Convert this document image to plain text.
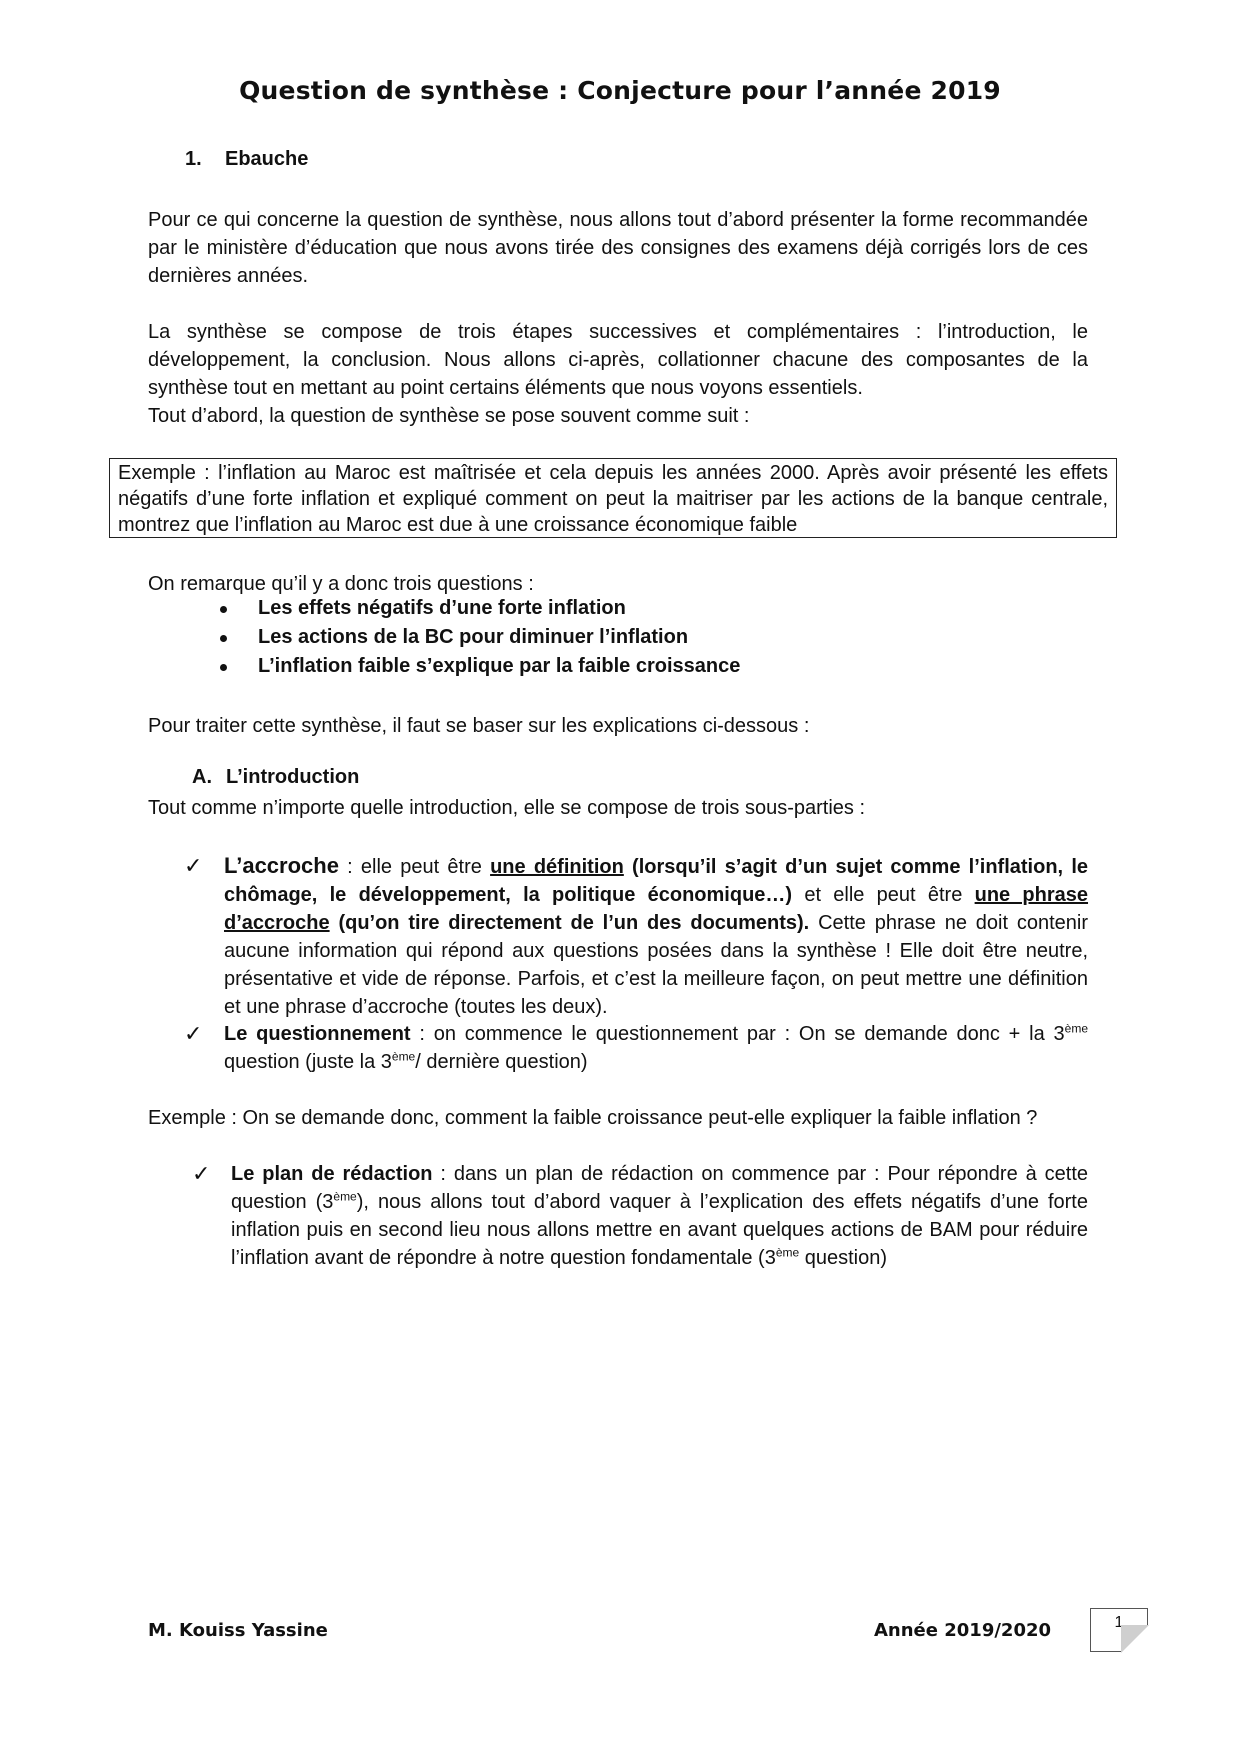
Question de synthèse : Conjecture pour l’année 2019
1. Ebauche
Pour ce qui concerne la question de synthèse, nous allons tout d’abord présenter la forme recommandée par le ministère d’éducation que nous avons tirée des consignes des examens déjà corrigés lors de ces dernières années.
La synthèse se compose de trois étapes successives et complémentaires : l’introduction, le développement, la conclusion. Nous allons ci-après, collationner chacune des composantes de la synthèse tout en mettant au point certains éléments que nous voyons essentiels.
Tout d’abord, la question de synthèse se pose souvent comme suit :

Exemple : l’inflation au Maroc est maîtrisée et cela depuis les années 2000. Après avoir présenté les effets négatifs d’une forte inflation et expliqué comment on peut la maitriser par les actions de la banque centrale, montrez que l’inflation au Maroc est due à une croissance économique faible

On remarque qu’il y a donc trois questions :
Les effets négatifs d’une forte inflation
Les actions de la BC pour diminuer l’inflation
L’inflation faible s’explique par la faible croissance
Pour traiter cette synthèse, il faut se baser sur les explications ci-dessous :
A. L’introduction
Tout comme n’importe quelle introduction, elle se compose de trois sous-parties :
✓ L’accroche : elle peut être une définition (lorsqu’il s’agit d’un sujet comme l’inflation, le chômage, le développement, la politique économique…) et elle peut être une phrase d’accroche (qu’on tire directement de l’un des documents). Cette phrase ne doit contenir aucune information qui répond aux questions posées dans la synthèse ! Elle doit être neutre, présentative et vide de réponse. Parfois, et c’est la meilleure façon, on peut mettre une définition et une phrase d’accroche (toutes les deux).
✓ Le questionnement : on commence le questionnement par : On se demande donc + la 3ème question (juste la 3ème/ dernière question)
Exemple : On se demande donc, comment la faible croissance peut-elle expliquer la faible inflation ?
✓ Le plan de rédaction : dans un plan de rédaction on commence par : Pour répondre à cette question (3ème), nous allons tout d’abord vaquer à l’explication des effets négatifs d’une forte inflation puis en second lieu nous allons mettre en avant quelques actions de BAM pour réduire l’inflation avant de répondre à notre question fondamentale (3ème question)
M. Kouiss Yassine	Année 2019/2020	1
